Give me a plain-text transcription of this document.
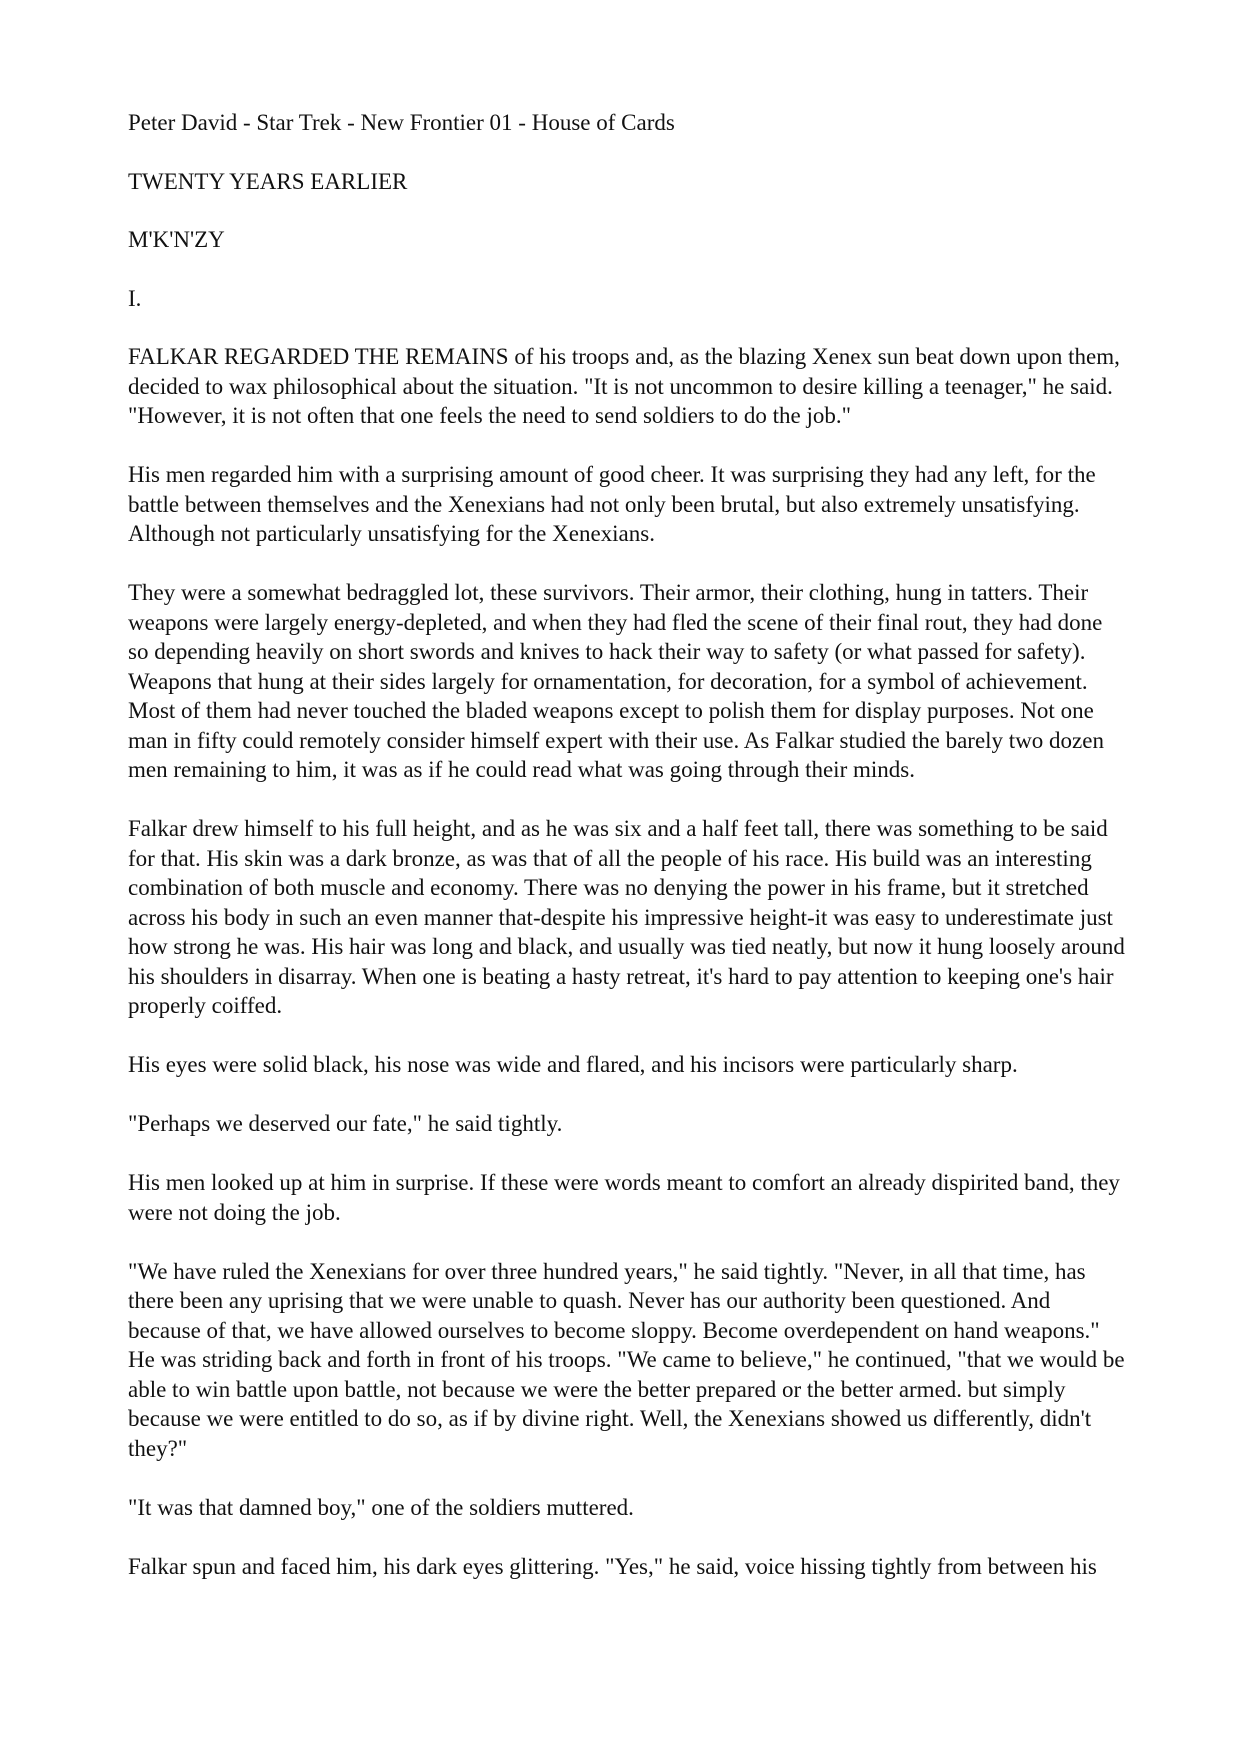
Peter David - Star Trek - New Frontier 01 - House of Cards

TWENTY YEARS EARLIER

M'K'N'ZY

I.

FALKAR REGARDED THE REMAINS of his troops and, as the blazing Xenex sun beat down upon them, decided to wax philosophical about the situation. "It is not uncommon to desire killing a teenager," he said. "However, it is not often that one feels the need to send soldiers to do the job."

His men regarded him with a surprising amount of good cheer. It was surprising they had any left, for the battle between themselves and the Xenexians had not only been brutal, but also extremely unsatisfying. Although not particularly unsatisfying for the Xenexians.

They were a somewhat bedraggled lot, these survivors. Their armor, their clothing, hung in tatters. Their weapons were largely energy-depleted, and when they had fled the scene of their final rout, they had done so depending heavily on short swords and knives to hack their way to safety (or what passed for safety). Weapons that hung at their sides largely for ornamentation, for decoration, for a symbol of achievement. Most of them had never touched the bladed weapons except to polish them for display purposes. Not one man in fifty could remotely consider himself expert with their use. As Falkar studied the barely two dozen men remaining to him, it was as if he could read what was going through their minds.

Falkar drew himself to his full height, and as he was six and a half feet tall, there was something to be said for that. His skin was a dark bronze, as was that of all the people of his race. His build was an interesting combination of both muscle and economy. There was no denying the power in his frame, but it stretched across his body in such an even manner that-despite his impressive height-it was easy to underestimate just how strong he was. His hair was long and black, and usually was tied neatly, but now it hung loosely around his shoulders in disarray. When one is beating a hasty retreat, it's hard to pay attention to keeping one's hair properly coiffed.

His eyes were solid black, his nose was wide and flared, and his incisors were particularly sharp.

"Perhaps we deserved our fate," he said tightly.

His men looked up at him in surprise. If these were words meant to comfort an already dispirited band, they were not doing the job.

"We have ruled the Xenexians for over three hundred years," he said tightly. "Never, in all that time, has there been any uprising that we were unable to quash. Never has our authority been questioned. And because of that, we have allowed ourselves to become sloppy. Become overdependent on hand weapons." He was striding back and forth in front of his troops. "We came to believe," he continued, "that we would be able to win battle upon battle, not because we were the better prepared or the better armed. but simply because we were entitled to do so, as if by divine right. Well, the Xenexians showed us differently, didn't they?"

"It was that damned boy," one of the soldiers muttered.

Falkar spun and faced him, his dark eyes glittering. "Yes," he said, voice hissing tightly from between his
